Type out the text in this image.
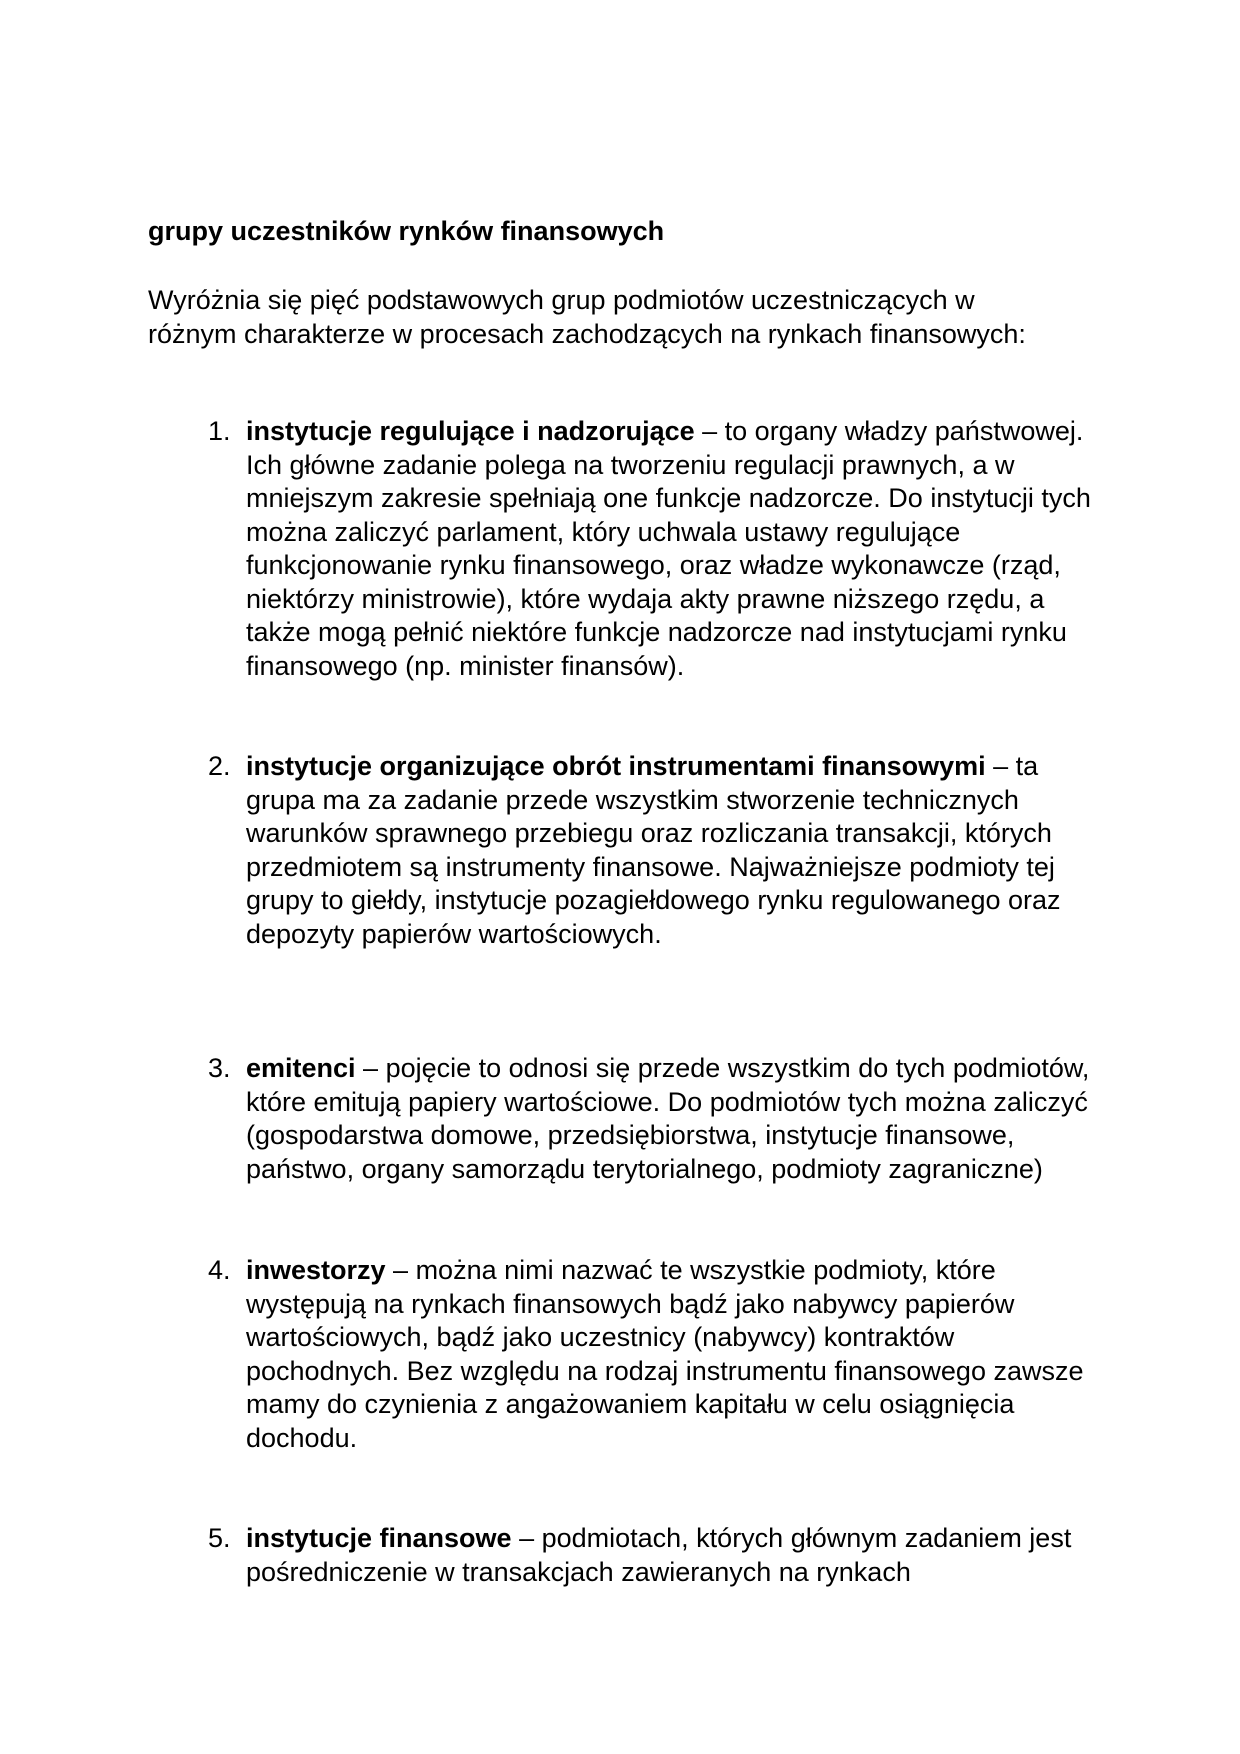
grupy uczestników rynków finansowych
Wyróżnia się pięć podstawowych grup podmiotów uczestniczących w różnym charakterze w procesach zachodzących na rynkach finansowych:
1. instytucje regulujące i nadzorujące – to organy władzy państwowej. Ich główne zadanie polega na tworzeniu regulacji prawnych, a w mniejszym zakresie spełniają one funkcje nadzorcze. Do instytucji tych można zaliczyć parlament, który uchwala ustawy regulujące funkcjonowanie rynku finansowego, oraz władze wykonawcze (rząd, niektórzy ministrowie), które wydaja akty prawne niższego rzędu, a także mogą pełnić niektóre funkcje nadzorcze nad instytucjami rynku finansowego (np. minister finansów).
2. instytucje organizujące obrót instrumentami finansowymi – ta grupa ma za zadanie przede wszystkim stworzenie technicznych warunków sprawnego przebiegu oraz rozliczania transakcji, których przedmiotem są instrumenty finansowe. Najważniejsze podmioty tej grupy to giełdy, instytucje pozagiełdowego rynku regulowanego oraz depozyty papierów wartościowych.
3. emitenci – pojęcie to odnosi się przede wszystkim do tych podmiotów, które emitują papiery wartościowe. Do podmiotów tych można zaliczyć (gospodarstwa domowe, przedsiębiorstwa, instytucje finansowe, państwo, organy samorządu terytorialnego, podmioty zagraniczne)
4. inwestorzy – można nimi nazwać te wszystkie podmioty, które występują na rynkach finansowych bądź jako nabywcy papierów wartościowych, bądź jako uczestnicy (nabywcy) kontraktów pochodnych. Bez względu na rodzaj instrumentu finansowego zawsze mamy do czynienia z angażowaniem kapitału w celu osiągnięcia dochodu.
5. instytucje finansowe – podmiotach, których głównym zadaniem jest pośredniczenie w transakcjach zawieranych na rynkach
